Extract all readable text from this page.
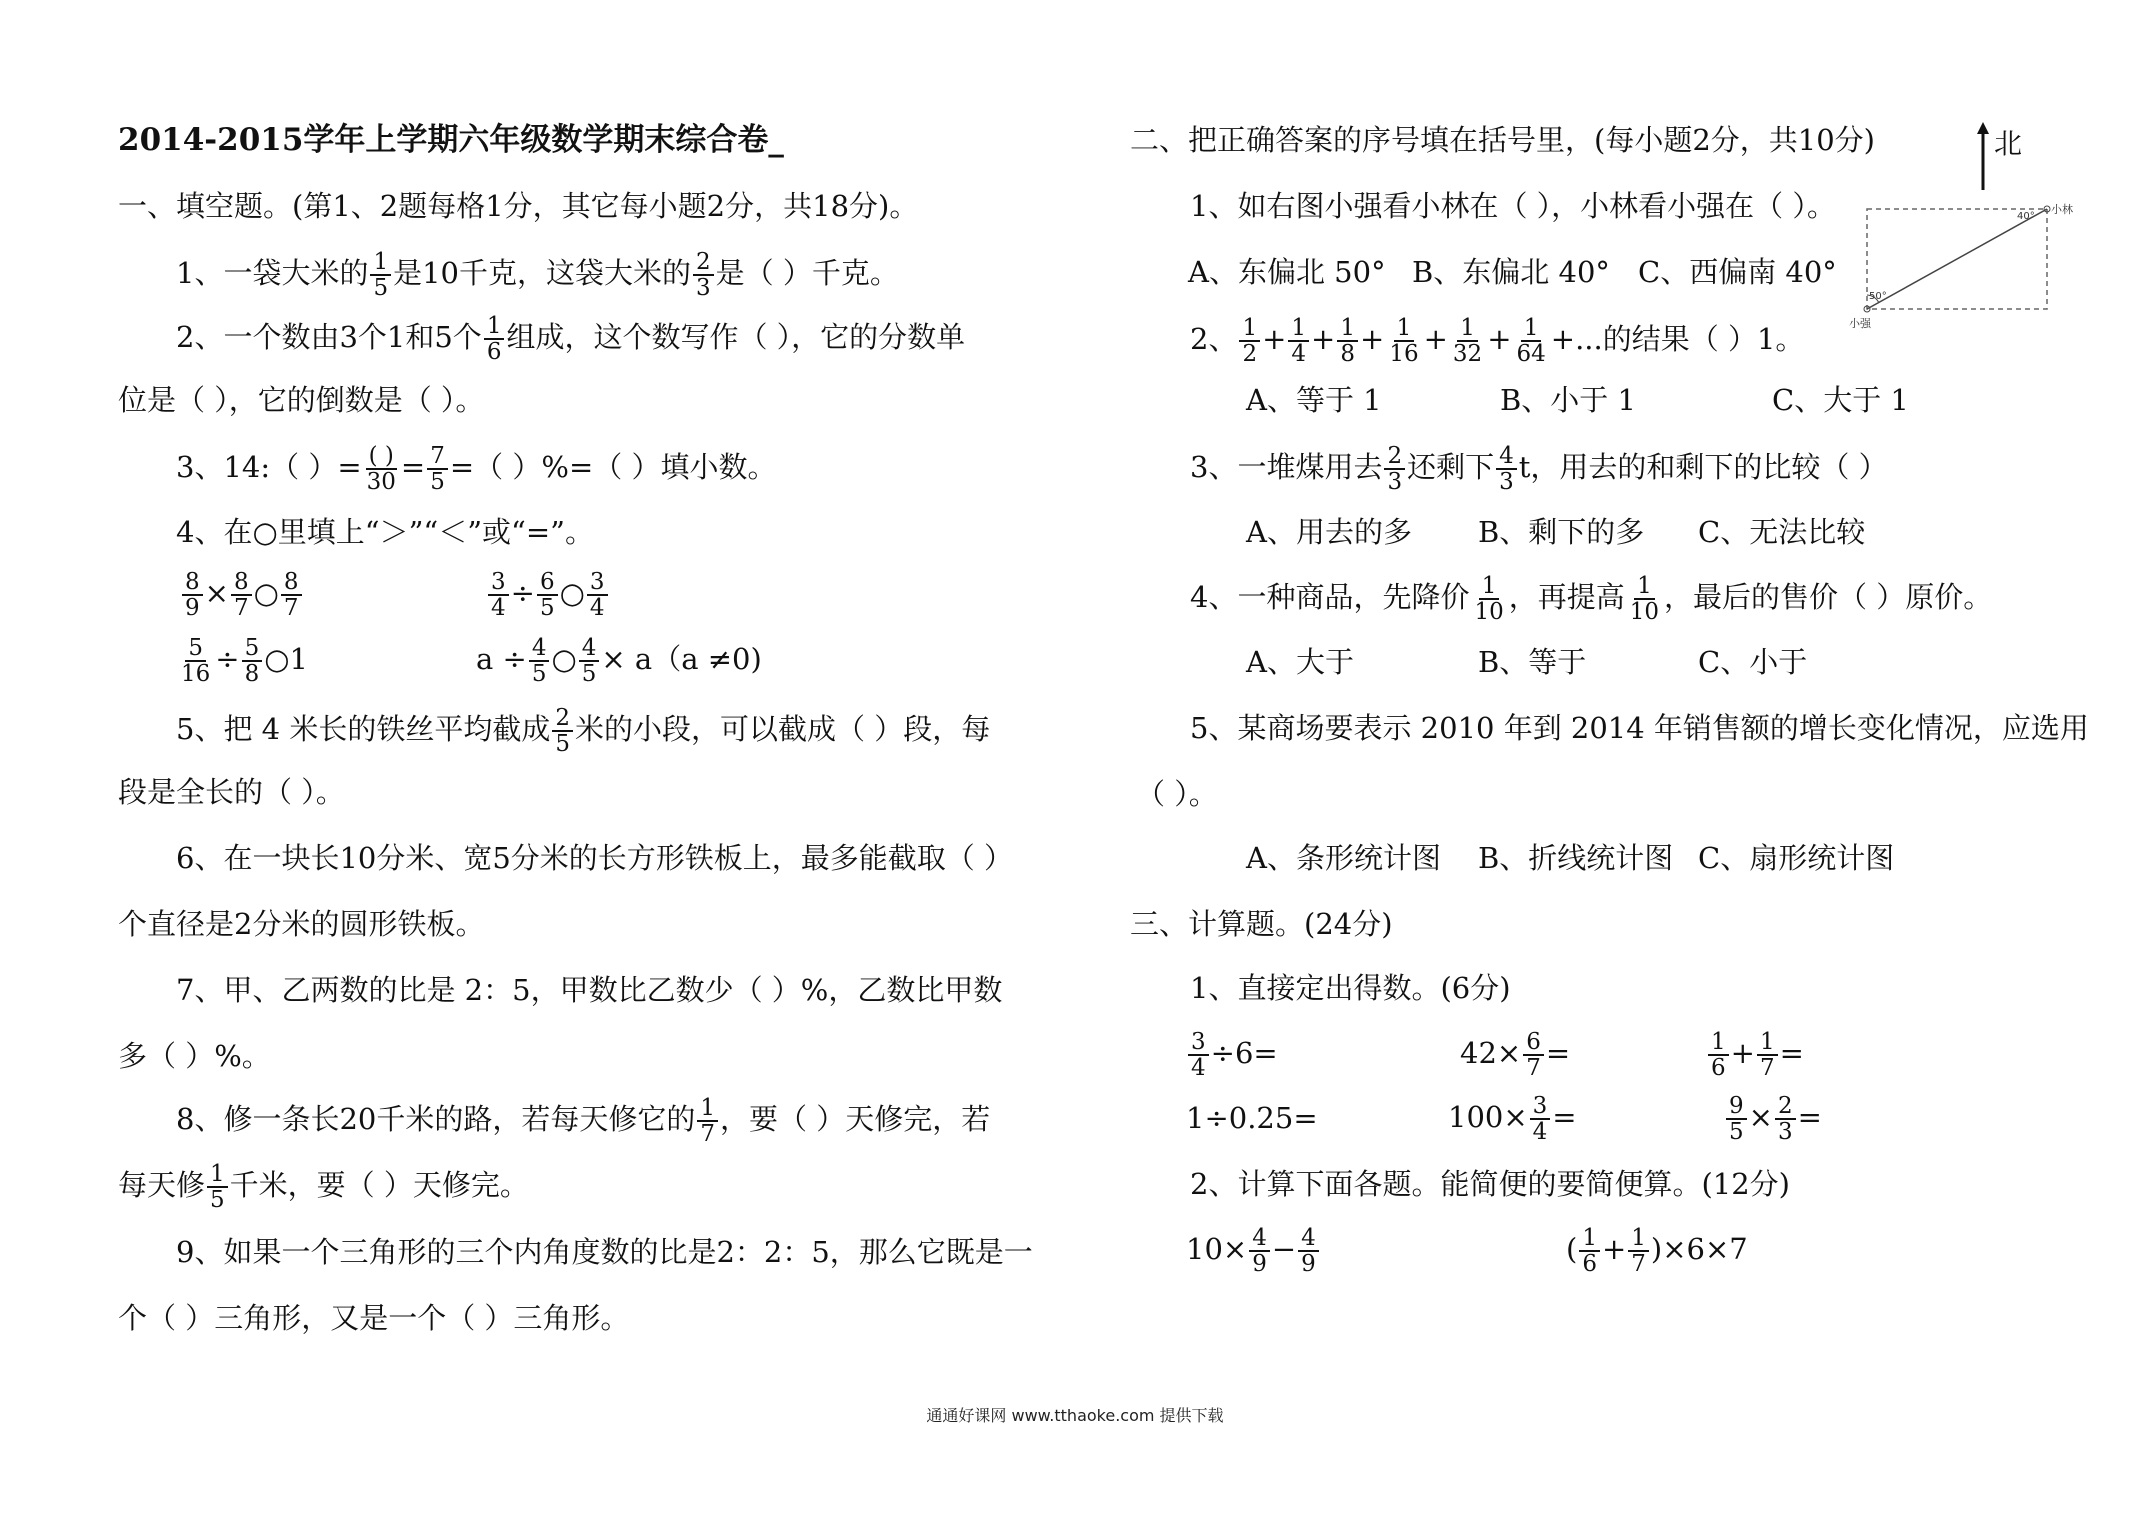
2014-2015学年上学期六年级数学期末综合卷_
一、填空题。(第1、2题每格1分，其它每小题2分，共18分)。
1、一袋大米的 $\frac{1}{5}$ 是10千克，这袋大米的 $\frac{2}{3}$ 是（ ）千克。
2、一个数由3个1和5个 $\frac{1}{6}$ 组成，这个数写作（ ），它的分数单
位是（ ），它的倒数是（ ）。
3、14:（ ）= $\frac{( )}{30} = \frac{7}{5}$ =（ ）%=（ ）填小数。
4、在○里填上“＞”“＜”或“=”。
$\frac{8}{9} \times \frac{8}{7}$ ○ $\frac{8}{7}$	$\frac{3}{4} \div \frac{6}{5}$ ○ $\frac{3}{4}$
$\frac{5}{16} \div \frac{5}{8}$ ○1	$a \div \frac{4}{5}$ ○ $\frac{4}{5} \times a(a \ne 0)$
5、把 4 米长的铁丝平均截成 $\frac{2}{5}$ 米的小段，可以截成（ ）段，每
段是全长的（ ）。
6、在一块长10分米、宽5分米的长方形铁板上，最多能截取（ ）
个直径是2分米的圆形铁板。
7、甲、乙两数的比是 2：5，甲数比乙数少（ ）%，乙数比甲数
多（ ）%。
8、修一条长20千米的路，若每天修它的 $\frac{1}{7}$ ，要（ ）天修完，若
每天修 $\frac{1}{5}$ 千米，要（ ）天修完。
9、如果一个三角形的三个内角度数的比是2：2：5，那么它既是一
个（ ）三角形，又是一个（ ）三角形。
二、把正确答案的序号填在括号里，(每小题2分，共10分)	北
1、如右图小强看小林在（ ），小林看小强在（ ）。
50°
40°
小林
小强
A、东偏北 50° B、东偏北 40° C、西偏南 40°
2、 $\frac{1}{2} + \frac{1}{4} + \frac{1}{8} + \frac{1}{16} + \frac{1}{32} + \frac{1}{64}$ +...的结果（ ）1。
A、等于 1	B、小于 1	C、大于 1
3、一堆煤用去 $\frac{2}{3}$ 还剩下 $\frac{4}{3}$ t，用去的和剩下的比较（ ）
A、用去的多 B、剩下的多 C、无法比较
4、一种商品，先降价 $\frac{1}{10}$ ，再提高 $\frac{1}{10}$ ，最后的售价（ ）原价。
A、大于	B、等于	C、小于
5、某商场要表示 2010 年到 2014 年销售额的增长变化情况，应选用
（ ）。
A、条形统计图 B、折线统计图 C、扇形统计图
三、计算题。(24分)
1、直接定出得数。(6分)
$\frac{3}{4} \div 6=$	$42\times \frac{6}{7}$ =	$\frac{1}{6} + \frac{1}{7}$ =
1÷0.25=	$100\times \frac{3}{4}$ =	$\frac{9}{5} \times \frac{2}{3}$ =
2、计算下面各题。能简便的要简便算。(12分)
$10\times \frac{4}{9} - \frac{4}{9}$	( $\frac{1}{6} + \frac{1}{7} )\times 6\times 7$
通通好课网 www.tthaoke.com 提供下载
